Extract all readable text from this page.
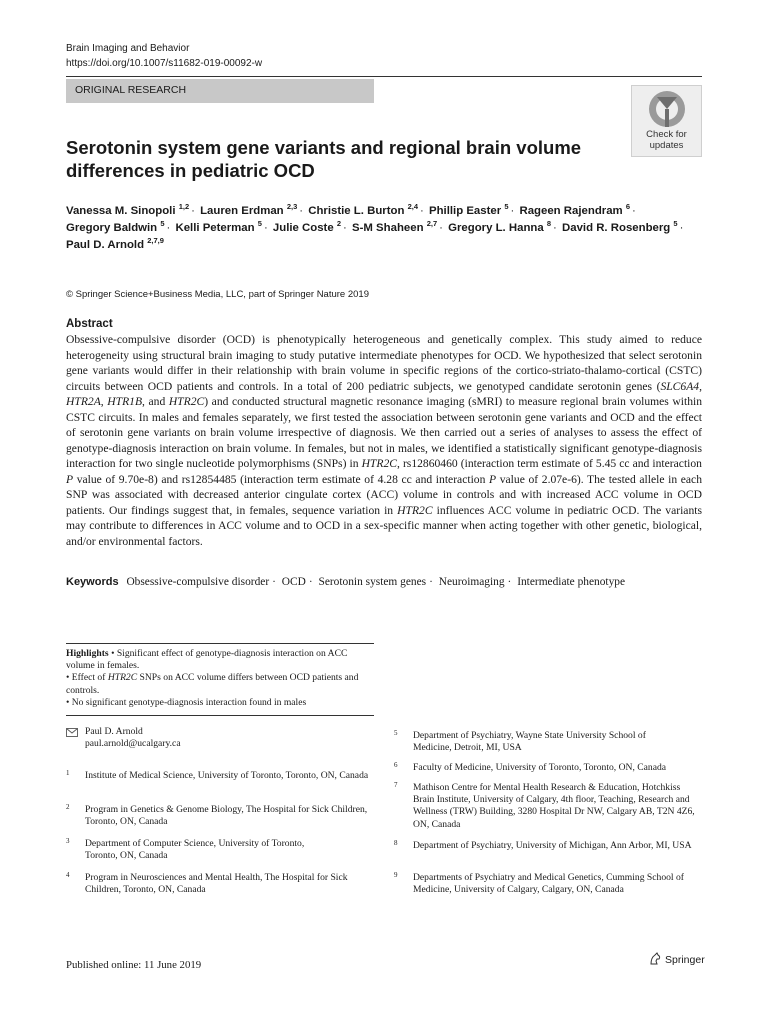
Brain Imaging and Behavior
https://doi.org/10.1007/s11682-019-00092-w
ORIGINAL RESEARCH
Check for
updates
Serotonin system gene variants and regional brain volume
differences in pediatric OCD
Vanessa M. Sinopoli $^{1,2}$ · Lauren Erdman $^{2,3}$ · Christie L. Burton $^{2,4}$ · Phillip Easter $^5$ · Rageen Rajendram $^6$ ·
Gregory Baldwin $^5$ · Kelli Peterman $^5$ · Julie Coste $^2$ · S-M Shaheen $^{2,7}$ · Gregory L. Hanna $^8$ · David R. Rosenberg $^5$ ·
Paul D. Arnold $^{2,7,9}$
© Springer Science+Business Media, LLC, part of Springer Nature 2019
Abstract
Obsessive-compulsive disorder (OCD) is phenotypically heterogeneous and genetically complex. This study aimed to reduce heterogeneity using structural brain imaging to study putative intermediate phenotypes for OCD. We hypothesized that select serotonin gene variants would differ in their relationship with brain volume in specific regions of the cortico-striato-thalamo-cortical (CSTC) circuits between OCD patients and controls. In a total of 200 pediatric subjects, we genotyped candidate serotonin genes (SLC6A4, HTR2A, HTR1B, and HTR2C) and conducted structural magnetic resonance imaging (sMRI) to measure regional brain volumes within CSTC circuits. In males and females separately, we first tested the association between serotonin gene variants and OCD and the effect of serotonin gene variants on brain volume irrespective of diagnosis. We then carried out a series of analyses to assess the effect of genotype-diagnosis interaction on brain volume. In females, but not in males, we identified a statistically significant genotype-diagnosis interaction for two single nucleotide polymorphisms (SNPs) in HTR2C, rs12860460 (interaction term estimate of 5.45 cc and interaction P value of 9.70e-8) and rs12854485 (interaction term estimate of 4.28 cc and interaction P value of 2.07e-6). The tested allele in each SNP was associated with decreased anterior cingulate cortex (ACC) volume in controls and with increased ACC volume in OCD patients. Our findings suggest that, in females, sequence variation in HTR2C influences ACC volume in pediatric OCD. The variants may contribute to differences in ACC volume and to OCD in a sex-specific manner when acting together with other genetic, biological, and/or environmental factors.
Keywords Obsessive-compulsive disorder · OCD · Serotonin system genes · Neuroimaging · Intermediate phenotype
Highlights • Significant effect of genotype-diagnosis interaction on ACC volume in females.
• Effect of HTR2C SNPs on ACC volume differs between OCD patients and controls.
• No significant genotype-diagnosis interaction found in males
Paul D. Arnold
paul.arnold@ucalgary.ca
1 Institute of Medical Science, University of Toronto, Toronto, ON, Canada
2 Program in Genetics & Genome Biology, The Hospital for Sick Children, Toronto, ON, Canada
3 Department of Computer Science, University of Toronto, Toronto, ON, Canada
4 Program in Neurosciences and Mental Health, The Hospital for Sick Children, Toronto, ON, Canada
5 Department of Psychiatry, Wayne State University School of Medicine, Detroit, MI, USA
6 Faculty of Medicine, University of Toronto, Toronto, ON, Canada
7 Mathison Centre for Mental Health Research & Education, Hotchkiss Brain Institute, University of Calgary, 4th floor, Teaching, Research and Wellness (TRW) Building, 3280 Hospital Dr NW, Calgary AB, T2N 4Z6, ON, Canada
8 Department of Psychiatry, University of Michigan, Ann Arbor, MI, USA
9 Departments of Psychiatry and Medical Genetics, Cumming School of Medicine, University of Calgary, Calgary, ON, Canada
Published online: 11 June 2019	Springer
